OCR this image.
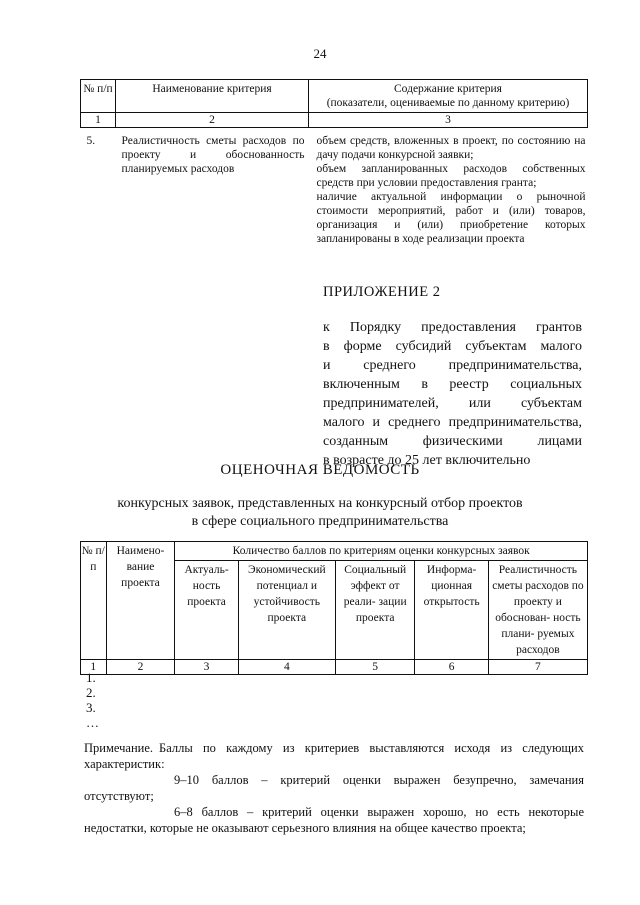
24
№ п/п	Наименование критерия	Содержание критерия
(показатели, оцениваемые по данному критерию)

1	2	3
5.	Реалистичность сметы расходов по проекту и обоснованность планируемых расходов	объем средств, вложенных в проект, по состоянию на дачу подачи конкурсной заявки;
объем запланированных расходов собственных средств при условии предоставления гранта;
наличие актуальной информации о рыночной стоимости мероприятий, работ и (или) товаров, организация и (или) приобретение которых запланированы в ходе реализации проекта
ПРИЛОЖЕНИЕ 2
к Порядку предоставления грантов
в форме субсидий субъектам малого
и среднего предпринимательства,
включенным в реестр социальных
предпринимателей, или субъектам
малого и среднего предпринимательства,
созданным физическими лицами
в возрасте до 25 лет включительно
ОЦЕНОЧНАЯ ВЕДОМОСТЬ
конкурсных заявок, представленных на конкурсный отбор проектов
в сфере социального предпринимательства
№ п/п	Наимено- вание проекта	Количество баллов по критериям оценки конкурсных заявок				
		Актуаль- ность проекта	Экономический потенциал и устойчивость проекта	Социальный эффект от реали- зации проекта	Информа- ционная открытость	Реалистичность сметы расходов по проекту и обоснован- ность плани- руемых расходов
1	2	3	4	5	6	7
1.
2.
3.
…

Примечание. Баллы по каждому из критериев выставляются исходя из следующих характеристик:

9–10 баллов – критерий оценки выражен безупречно, замечания отсутствуют;

6–8 баллов – критерий оценки выражен хорошо, но есть некоторые недостатки, которые не оказывают серьезного влияния на общее качество проекта;
